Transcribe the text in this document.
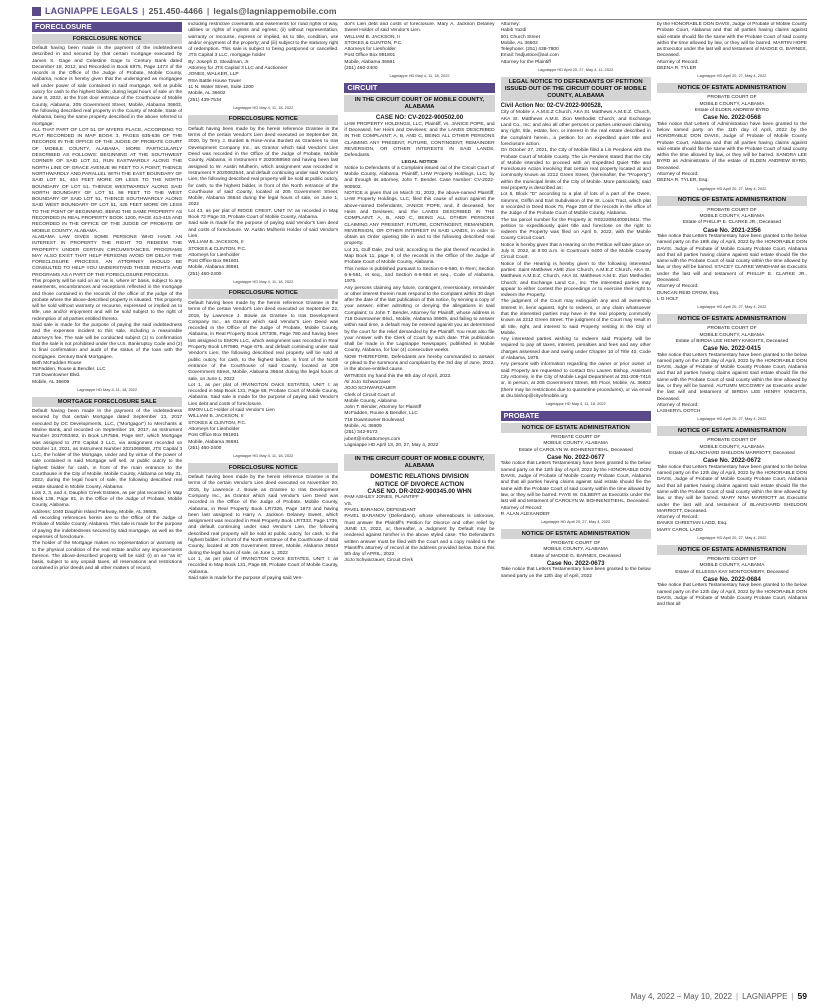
LAGNIAPPE LEGALS | 251.450-4466 | legals@lagniappemobile.com
FORECLOSURE
FORECLOSURE NOTICE

Default having been made in the payment of the indebtedness described in and secured by that certain mortgage executed by James S. Gage and Celestine Gage to Century Bank dated December 18, 2012, and Recorded in Book 6975, Page 1473 of the records in the Office of the Judge of Probate, Mobile County, Alabama, notice is hereby given that the undersigned as mortgagee will under power of sale contained in said mortgage, sell at public outcry for cash to the highest bidder, during legal hours of sale on the June 8, 2022, at the front door entrance of the Courthouse of Mobile County, Alabama, 205 Government Street, Mobile, Alabama 36602, the following described real property in the County of Mobile, State of Alabama, being the same property described in the above referred to mortgage:

ALL THAT PART OF LOT 51 OF MYERS PLACE, ACCORDING TO PLAT RECORDED IN MAP BOOK 3, PAGES 635-636 OF THE RECORDS IN THE OFFICE OF THE JUDGE OF PROBATE COURT OF MOBILE COUNTY, ALABAMA, MORE PARTICULARLY DESCRIBED AS FOLLOWS: BEGINNING AT THE SOUTHWEST CORNER OF SAID LOT 51, RUN EASTWARDLY ALONG THE NORTH LINE OF GRACE AVENUE 98 FEET TO A POINT; THENCE NORTHWARDLY AND PARALLEL WITH THE EAST BOUNDARY OF SAID LOT 51, 404 FEET MORE OR LESS TO THE NORTH BOUNDARY OF LOT 51, THENCE WESTWARDLY ALONG SAID NORTH BOUNDARY OF LOT 51 98 FEET TO THE WEST BOUNDARY OF SAID LOT 51, THENCE SOUTHWARDLY ALONG SAID WEST BOUNDARY OF LOT 51, 426 FEET MORE OR LESS TO THE POINT OF BEGINNING. BEING THE SAME PROPERTY AS RECORDED IN REAL PROPERTY BOOK 1200, PAGE 413-415 AND RECORDED IN THE OFFICE OF THE JUDGE OF PROBATE OF MOBILE COUNTY, ALABAMA.

ALABAMA LAW GIVES SOME PERSONS WHO HAVE AN INTEREST IN PROPERTY THE RIGHT TO REDEEM THE PROPERTY UNDER CERTAIN CIRCUMSTANCES. PROGRAMS MAY ALSO EXIST THAT HELP PERSONS AVOID OR DELAY THE FORECLOSURE PROCESS. AN ATTORNEY SHOULD BE CONSULTED TO HELP YOU UNDERSTAND THESE RIGHTS AND PROGRAMS AS A PART OF THE FORECLOSURE PROCESS.

This property will be sold on an "as is, where is" basis, subject to any easements, encumbrances and exceptions reflected in the mortgage and those contained in the records of the office of the judge of the probate where the above-described property is situated. This property will be sold without warranty or recourse, expressed or implied as to title, use and/or enjoyment and will be sold subject to the right of redemption of all parties entitled thereto.

Said sale is made for the purpose of paying the said indebtedness and the expenses incident to this sale, including a reasonable attorney's fee. The sale will be conducted subject (1) to confirmation that the sale is not prohibited under the U.S. Bankruptcy Code and (2) to final confirmation and audit of the status of the loan with the mortgagee. Century Bank Mortgagee.

Beth McFadden Rouse
McFadden, Rouse & Bendler, LLC
718 Downtowner Blvd.
Mobile, AL 36609
Lagniappe HD May 4, 11, 18, 2022
MORTGAGE FORECLOSURE SALE

Default having been made in the payment of the indebtedness secured by that certain Mortgage dated September 13, 2017 executed by DC Developments, LLC, ("Mortgagor") to Merchants & Marine Bank, and recorded on September 19, 2017, as Instrument Number 2017053462, in Book LR7556, Page 587, which Mortgage was assigned to JTS Capital 3 LLC, via assignment recorded on October 14, 2021, as Instrument Number 2021068068, JTS Capital 3 LLC, the holder of the Mortgage, under and by virtue of the power of sale contained in said Mortgage will sell, at public outcry to the highest bidder for cash, in front of the main entrance to the Courthouse in the City of Mobile, Mobile County, Alabama on May 31, 2022, during the legal hours of sale, the following described real estate situated in Mobile County, Alabama:

Lots 2, 3, and 4, Dauphin Creek Estates, as per plat recorded in Map Book 136, Page 81, in the Office of the Judge of Probate, Mobile County, Alabama.

Address: 1040 Dauphin Island Parkway, Mobile, AL 36605.

All recording references herein are to the Office of the Judge of Probate of Mobile County, Alabama. This sale is made for the purpose of paying the indebtedness secured by said mortgage, as well as the expenses of foreclosure.

The holder of the Mortgage makes no representation or warranty as to the physical condition of the real estate and/or any improvements thereon. The above-described property will be sold: (i) on an "as is" basis, subject to any unpaid taxes, all reservations and restrictions contained in prior deeds and all other matters of record,

including restrictive covenants and easements for road rights of way, utilities or rights of ingress and egress; (ii) without representation, warranty or recourse, express or implied, as to title, condition, use and/or enjoyment of the property; and (iii) subject to the statutory right of redemption. This sale is subject to being postponed or cancelled. JTS Capital 3 LLC, mortgage holder

By: Joseph D. Steadman, Jr.
Attorney for JTS Capital 3 LLC and Auctioneer
JONES, WALKER, LLP
RSA Battle House Tower
11 N. Water Street, Suite 1200
Mobile, AL 36602
(251) 439-7534
Lagniappe HD May 4, 11, 18, 2022
FORECLOSURE NOTICE

Default having been made by the herein reference Grantee in the terms of the certain Vendor's Lien deed executed on September 28, 2020, by Terry J. Burdett & Rose-Anna Burdett as Grantees to Iras Development Company Inc., as Grantor which said Vendor's Lien Deed was recorded in the Office of the Judge of Probate, Mobile County, Alabama, in Instrument # 2020059560 and having been last assigned to W. Austin Mulherin, which assignment was recorded in Instrument # 2020062544, and default continuing under said Vendor's Lien, the following described real property will be sold at public outcry, for cash, to the highest bidder, in front of the North entrance of the Courthouse of said County, located at 205 Government Street, Mobile, Alabama 36644 during the legal hours of sale, on June 1, 2022

Lot 43, as per plat of RIDGE CREST, UNIT IV: as recorded in Map Book 72 Page 33, Probate Court of Mobile County, Alabama.

Said sale is made for the purpose of paying said Vendor's Lien deed and costs of foreclosure. W. Austin Mulherin Holder of said Vendor's Lien.

WILLIAM B. JACKSON, II
STOKES & CLINTON, P.C.
Attorneys for Lienholder
Post Office Box 991801
Mobile, Alabama 36691
(251) 460-2400
Lagniappe HD May 4, 11, 18, 2022
FORECLOSURE NOTICE

Default having been made by the herein reference Grantee in the terms of the certain Vendor's Lien deed executed on September 22, 2015, by Lawrence J. Bowie as Grantee to Iras Development Company Inc., as Grantor which said Vendor's Lien Deed was recorded in the Office of the Judge of Probate, Mobile County, Alabama, in Real Property Book LR7306, Page 780 and having been last assigned to EMON LLC, which assignment was recorded in Real Property Book LR7580, Page 676, and default continuing under said Vendor's Lien, the following described real property will be sold at public outcry, for cash, to the highest bidder, in front of the North entrance of the Courthouse of said County, located at 205 Government Street, Mobile, Alabama 36644 during the legal hours of sale, on June 1, 2022

Lot 1, as per plat of IRVINGTON OAKS ESTATES, UNIT I: as recorded in Map Book 131, Page 68, Probate Court of Mobile County, Alabama. Said sale is made for the purpose of paying said Vendor's Lien debt and costs of foreclosure.

EMON LLC Holder of said Vendor's Lien
WILLIAM B. JACKSON, II
STOKES & CLINTON, P.C.
Attorneys for Lienholder
Post Office Box 991801
Mobile, Alabama 36691
(251) 460-2400
Lagniappe HD May 4, 11, 18, 2022
FORECLOSURE NOTICE

Default having been made by the herein reference Grantee in the terms of the certain Vendor's Lien deed executed on November 20, 2015, by Lawrence J. Bowie as Grantee to Iras Development Company Inc., as Grantor which said Vendor's Lien Deed was recorded in the Office of the Judge of Probate, Mobile County, Alabama, in Real Property Book LR7326, Page 1873 and having been last assigned to Harry A. Jackson Delaney Sweet, which assignment was recorded in Real Property Book LR7333, Page 1739, and default continuing under said Vendor's Lien, the following described real property will be sold at public outcry, for cash, to the highest bidder, in front of the North entrance of the Courthouse of said County, located at 205 Government Street, Mobile, Alabama 36644 during the legal hours of sale, on June 1, 2022

Lot 1, as per plat of IRVINGTON OAKS ESTATES, UNIT I: as recorded in Map Book 131, Page 68, Probate Court of Mobile County, Alabama.

Said sale is made for the purpose of paying said Ven-

dor's Lien debt and costs of foreclosure. Mary A. Jackson Delaney Sweet Holder of said Vendor's Lien.

WILLIAM B. JACKSON, II
STOKES & CLINTON, P.C.
Attorneys for Lienholder
Post Office Box 991801
Mobile, Alabama 36691
(251) 460-2400
Lagniappe HD May 4, 11, 18, 2022
CIRCUIT
IN THE CIRCUIT COURT OF MOBILE COUNTY, ALABAMA
CASE NO: CV-2022-900502.00

LHW PROPERTY HOLDINGS, LLC, Plaintiff, vs. JANICE POPE, and if Deceased, her Heirs and Devisees; and the LANDS DESCRIBED IN THE COMPLAINT; A, B, AND C, BEING ALL OTHER PERSONS CLAIMING ANY PRESENT, FUTURE, CONTINGENT, REMAINDER REVERSION, OR OTHER INTERESTS IN SAID LANDS, Defendants.

LEGAL NOTICE

Notice to Defendants of a Complaint issued out of the Circuit Court of Mobile County, Alabama. Plaintiff, LHW Property Holdings, LLC, by and through its attorney, John T. Bender. Case Number: CV-2022-900502.

NOTICE is given that on March 31, 2022, the above-named Plaintiff, LHW Property Holdings, LLC, filed this cause of action against the above-named Defendants, JANICE POPE, and, if deceased, her Heirs and Devisees; and the LANDS DESCRIBED IN THE COMPLAINT; A, B, AND C, BEING ALL OTHER PERSONS CLAIMING ANY PRESENT, FUTURE, CONTINGENT, REMAINDER, REVERSION, OR OTHER INTEREST IN SAID LANDS, in order to obtain an Order quieting title in and to the following described real property:

Lot 21, Gulf Dale, 2nd Unit, according to the plat thereof recorded in Map Book 11, page 9, of the records in the Office of the Judge of Probate Court of Mobile County, Alabama.

This notice is published pursuant to Section 6-6-560, In Rem; Section 6-6-561, et seq., and Section 6-6-564 et seq., Code of Alabama, 1975.

Any persons claiming any future, contingent, reversionary, remainder or other interest therein must respond to the Complaint within 30 days after the date of the last publication of this notice, by serving a copy of your answer, either admitting or denying the allegations in said Complaint; to John T. Bender, Attorney for Plaintiff, whose address is 718 Downtowner Blvd., Mobile, Alabama 36609, and failing to answer within said time, a default may be entered against you as determined by the court for the relief demanded by the Plaintiff. You must also file your Answer with the Clerk of Court by such date. This publication shall be made in the Lagniappe Newspaper, published in Mobile County, Alabama, for four (4) consecutive weeks.

NOW THEREFORE, Defendants are hereby commanded to answer or plead to the summons and complaint by the 3rd day of June, 2022, in the above-entitled cause.

WITNESS my hand this the 8th day of April, 2022.

/s/ JoJo Schwarzauer
JOJO SCHWARZAUER
Clerk of Circuit Court of
Mobile County, Alabama
John T. Bender, Attorney for Plaintiff
McFadden, Rouse & Bendler, LLC
718 Downtowner Boulevard
Mobile, AL 36609
(251) 342-9172
jobert@mrbattorneys.com
Lagniappe HD April 13, 20, 27, May 4, 2022
IN THE CIRCUIT COURT OF MOBILE COUNTY, ALABAMA
DOMESTIC RELATIONS DIVISION
NOTICE OF DIVORCE ACTION
CASE NO. DR-2022-900345.00 WHN
PAM ASHLEY JONES, PLAINTIFF
VS.
PAVEL BARANOV, DEFENDANT

PAVEL BARANOV (Defendant), whose whereabouts is unknown, must answer the Plaintiff's Petition for Divorce and other relief by JUNE 13, 2022, or, thereafter, a Judgment by Default may be rendered against him/her in the above styled case. The Defendant's written answer must be filed with the Court and a copy mailed to the Plaintiff's attorney of record at the address provided below. Done this 5th day of APRIL, 2022.

JoJo Schwarzauer, Circuit Clerk
Attorney:
Habib Yazdi
501 Church Street
Mobile, AL 36602
Telephone: (251) 438-7800
Email: hsdjustice@aol.com
Attorney for the Plaintiff
Lagniappe HD April 20, 27, May 4, 11, 2022
LEGAL NOTICE TO DEFENDANTS OF PETITION ISSUED OUT OF THE CIRCUIT COURT OF MOBILE COUNTY, ALABAMA
Civil Action No: 02-CV-2022-900528,

City of Mobile v. A.M.E.Z Church, AKA St. Matthews A.M.E.Z. Church, AKA St. Matthews A.M.E. Zion Methodist Church; and Exchange Land Co., Inc; and also all other persons or parties unknown claiming any right, title, estate, lien, or interest in the real estate described in the complaint herein., a petition for an expedited quiet title and foreclosure action.

On October 27, 2021, the City of Mobile filed a Lis Pendens with the Probate Court of Mobile County. The Lis Pendens stated that the City of Mobile intended to proceed with an Expedited Quiet Title and Foreclosure Action involving that certain real property located at and commonly known as 2212 Green Street, (hereinafter, the "Property") within the municipal limits of the City of Mobile. More particularly, said real property is described as:

Lot 5, Block "D" according to a plat of lots of a part of the Owen, Simmns, Griffin and Earl Subdivision of the St. Louis Tract, which plat is recorded in Deed Book 75, Page 259 of the records in the office of the Judge of the Probate Court of Mobile County, Alabama.

The tax parcel number for the Property is: R022208440001941I. The petition to expeditiously quiet title and foreclose on the right to redeem the Property was filed on April 5, 2022, with the Mobile County Circuit Court.

Notice is hereby given that a Hearing on the Petition will take place on July 8, 2022, at 9:00 a.m. in Courtroom 6400 of the Mobile County Circuit Court.

Notice of the Hearing is hereby given to the following interested parties: Saint Matthews AME Zion Church, A.M.E.Z Church, AKA St. Matthews A.M.E.Z. Church, AKA St. Matthews A.M.E. Zion Methodist Church; and Exchange Land Co., Inc. The interested parties may appear to either contest the proceedings or to exercise their right to redeem the Property.

The judgment of the Court may extinguish any and all ownership interest in, liens against, right to redeem, or any claim whatsoever that the interested parties may have in the real property commonly known as 2212 Green Street. The judgment of the Court may result in all title, right, and interest to said Property vesting in the City of Mobile.

Any interested parties wishing to redeem said Property will be required to pay all taxes, interest, penalties and fees and any other charges assessed due and owing under Chapter 10 of Title 40, Code of Alabama, 1975.

Any persons with information regarding the owner or prior owner of said Property are requested to contact Dru Lauren Bishop, Assistant City Attorney, in the City of Mobile Legal Department at 251-208-7416 or, in person, at 205 Government Street, 9th Floor, Mobile, AL 36602 (there may be restrictions due to quarantine procedures), or via email at dru.bishop@cityofmobile.org

Lagniappe HD May 4, 11, 18, 2022
PROBATE
NOTICE OF ESTATE ADMINISTRATION
PROBATE COURT OF
MOBILE COUNTY, ALABAMA
Estate of CAROLYN W. BOHNENSTIEHL, Deceased
Case No. 2022-0677

Take notice that Letters Testamentary have been granted to the below named party on the 12th day of April, 2022 by the HONORABLE DON DAVIS, Judge of Probate of Mobile County Probate Court, Alabama and that all parties having claims against said estate should file the same with the Probate Court of said county within the time allowed by law, or they will be barred. FAYE W. GILBERT as Executrix under the last will and testament of CAROLYN W. BOHNENSTIEHL, Deceased.

Attorney of Record:
R. ALAN ALEXANDER
Lagniappe HD April 20, 27, May 4, 2022
NOTICE OF ESTATE ADMINISTRATION
PROBATE COURT OF
MOBILE COUNTY, ALABAMA
Estate of MADGE G. BARNES, Deceased
Case No. 2022-0673

Take notice that Letters Testamentary have been granted to the below named party on the 12th day of April, 2022

by the HONORABLE DON DAVIS, Judge of Probate of Mobile County Probate Court, Alabama and that all parties having claims against said estate should file the same with the Probate Court of said county within the time allowed by law, or they will be barred. MARTIN HOPE as Executor under the last will and testament of MADGE G. BARNES, Deceased.

Attorney of Record:
DEENA R. TYLER
Lagniappe HD April 20, 27, May 4, 2022
NOTICE OF ESTATE ADMINISTRATION
PROBATE COURT OF
MOBILE COUNTY, ALABAMA
Estate of ELDEN ANDREW BYRD
Case No. 2022-0568

Take notice that Letters of Administration have been granted to the below named party on the 11th day of April, 2022 by the HONORABLE DON DAVIS, Judge of Probate of Mobile County Probate Court, Alabama and that all parties having claims against said estate should file the same with the Probate Court of said county within the time allowed by law, or they will be barred. SANDRA LEE BYRD as Administratrix of the estate of ELDEN ANDREW BYRD, Deceased.

Attorney of Record:
DEENA R. TYLER, Esq.
Lagniappe HD April 20, 27, May 4, 2022
NOTICE OF ESTATE ADMINISTRATION
PROBATE COURT OF
MOBILE COUNTY, ALABAMA
Estate of PHILLIP E. CLARKE JR., Deceased
Case No. 2021-2356

Take notice that Letters Testamentary have been granted to the below named party on the 18th day of April, 2022 by the HONORABLE DON DAVIS, Judge of Probate of Mobile County Probate Court, Alabama and that all parties having claims against said estate should file the same with the Probate Court of said county within the time allowed by law, or they will be barred. STACEY CLARKE WINDHAM as Executrix under the last will and testament of PHILLIP E. CLARKE JR., Deceased.

Attorney of Record:
DUNCAN REID CROW, Esq.
L O HOLT
Lagniappe HD April 20, 27, May 4, 2022
NOTICE OF ESTATE ADMINISTRATION
PROBATE COURT OF
MOBILE COUNTY, ALABAMA
Estate of BIRDIA LEE HENRY KNIGHTS, Deceased
Case No. 2022-0415

Take notice that Letters Testamentary have been granted to the below named party on the 12th day of April, 2022 by the HONORABLE DON DAVIS, Judge of Probate of Mobile County Probate Court, Alabama and that all parties having claims against said estate should file the same with the Probate Court of said county within the time allowed by law, or they will be barred. AUTUMN MCCOWEY as Executrix under the last will and testament of BIRDIA LEE HENRY KNIGHTS, Deceased.

Attorney of Record:
LASHERYL DOTCH
Lagniappe HD April 20, 27, May 4, 2022
NOTICE OF ESTATE ADMINISTRATION
PROBATE COURT OF
MOBILE COUNTY, ALABAMA
Estate of BLANCHARD SHELDON MARRIOTT, Deceased
Case No. 2022-0672

Take notice that Letters Testamentary have been granted to the below named party on the 12th day of April, 2022 by the HONORABLE DON DAVIS, Judge of Probate of Mobile County Probate Court, Alabama and that all parties having claims against said estate should file the same with the Probate Court of said county within the time allowed by law, or they will be barred. MARY NINA MARRIOTT as Executrix under the last will and testament of BLANCHARD SHELDON MARRIOTT, Deceased.

Attorney of Record:
BANKS CHRISTIAN LADD, Esq.
MARY CAROL LADD
Lagniappe HD April 20, 27, May 4, 2022
NOTICE OF ESTATE ADMINISTRATION
PROBATE COURT OF
MOBILE COUNTY, ALABAMA
Estate of ELLESSA KAY MONTGOMERY, Deceased
Case No. 2022-0684

Take notice that Letters Testamentary have been granted to the below named party on the 12th day of April, 2022 by the HONORABLE DON DAVIS, Judge of Probate of Mobile County Probate Court, Alabama and that all

May 4, 2022 – May 10, 2022 | LAGNIAPPE | 59
